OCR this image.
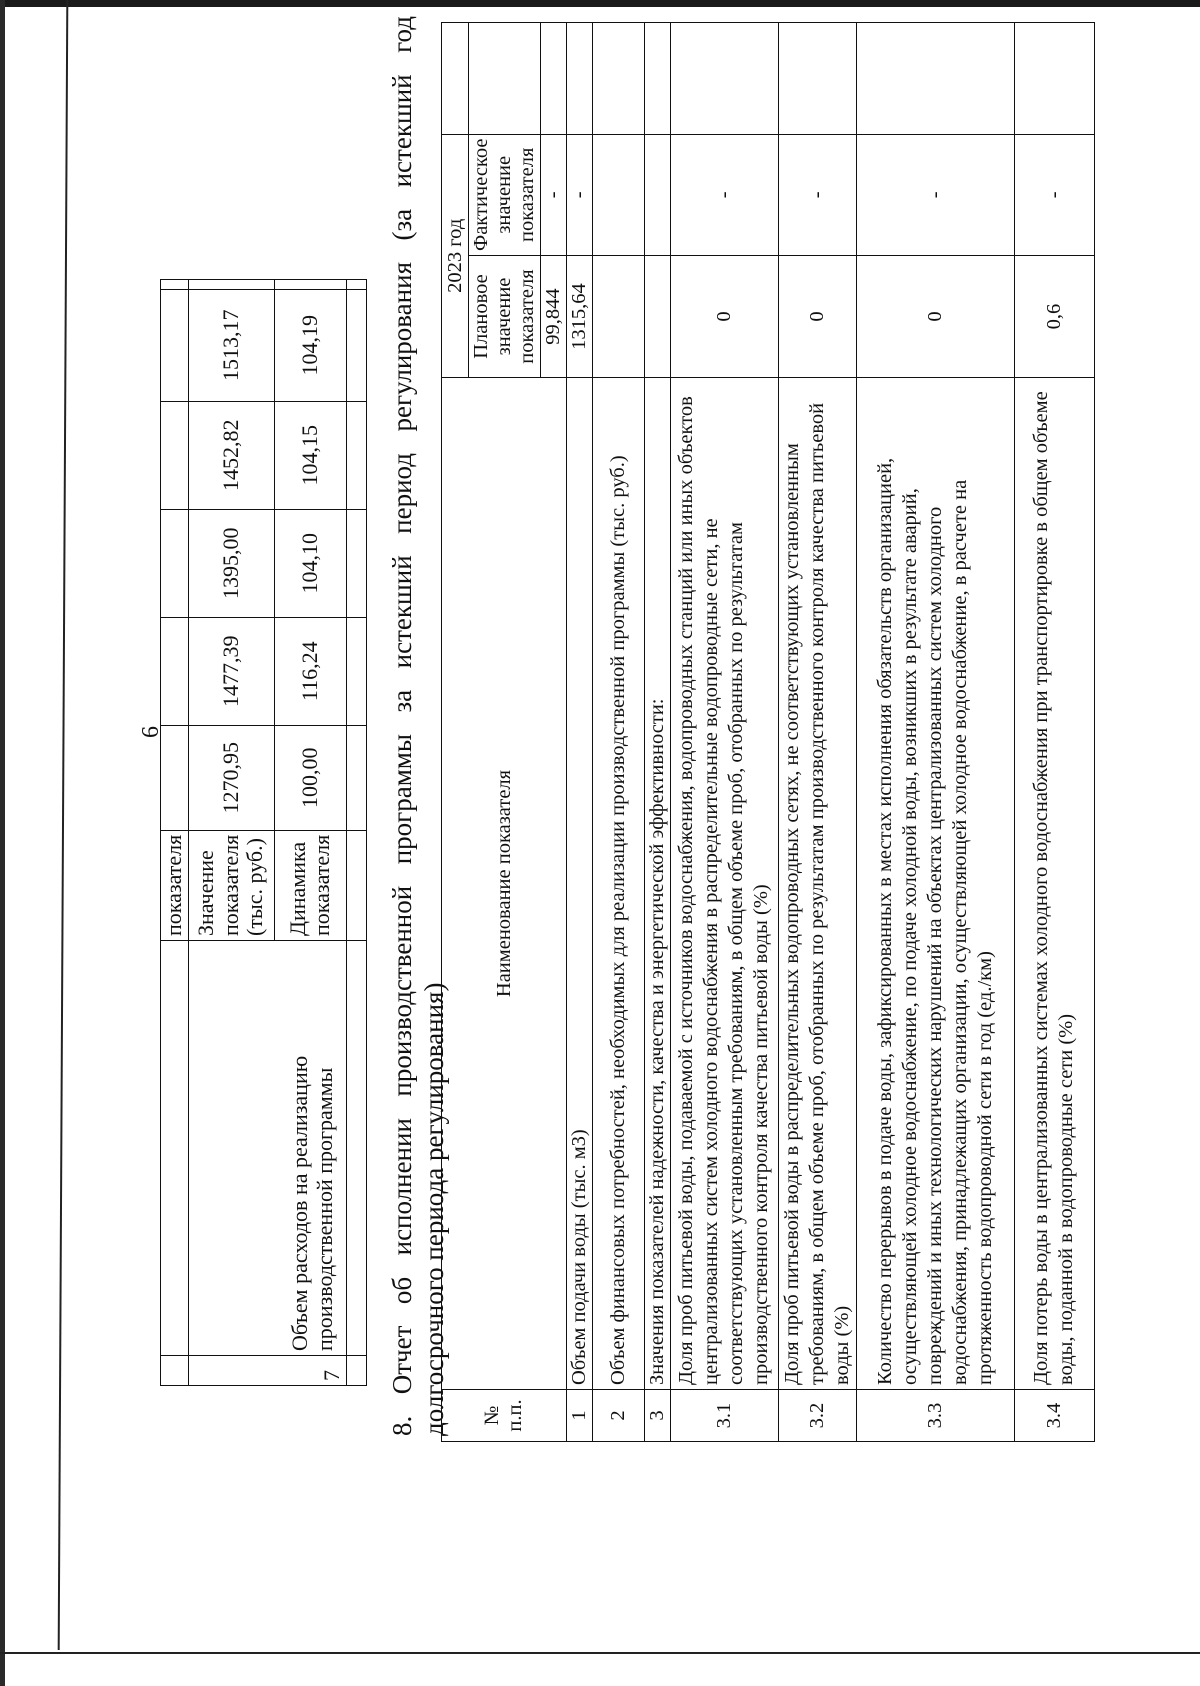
6
		показателя						
7	Объем расходов на реализацию производственной программы	Значение показателя (тыс. руб.)	1270,95	1477,39	1395,00	1452,82	1513,17	
		Динамика показателя	100,00	116,24	104,10	104,15	104,19	
								8. Отчет об исполнении производственной программы за истекший период регулирования (за истекший год долгосрочного периода регулирования) № п.п.	Наименование показателя	2023 год		
		Плановое значение показателя	Фактическое значение показателя	
		99,844	-	
1	Объем подачи воды (тыс. м3)	1315,64	-	
2	Объем финансовых потребностей, необходимых для реализации производственной программы (тыс. руб.)			
3	Значения показателей надежности, качества и энергетической эффективности:			
3.1	Доля проб питьевой воды, подаваемой с источников водоснабжения, водопроводных станций или иных объектов централизованных систем холодного водоснабжения в распределительные водопроводные сети, не соответствующих установленным требованиям, в общем объеме проб, отобранных по результатам производственного контроля качества питьевой воды (%)	0	-	
3.2	Доля проб питьевой воды в распределительных водопроводных сетях, не соответствующих установленным требованиям, в общем объеме проб, отобранных по результатам производственного контроля качества питьевой воды (%)	0	-	
3.3	Количество перерывов в подаче воды, зафиксированных в местах исполнения обязательств организацией, осуществляющей холодное водоснабжение, по подаче холодной воды, возникших в результате аварий, повреждений и иных технологических нарушений на объектах централизованных систем холодного водоснабжения, принадлежащих организации, осуществляющей холодное водоснабжение, в расчете на протяженность водопроводной сети в год (ед./км)	0	-	
3.4	Доля потерь воды в централизованных системах холодного водоснабжения при транспортировке в общем объеме воды, поданной в водопроводные сети (%)	0,6	-	
